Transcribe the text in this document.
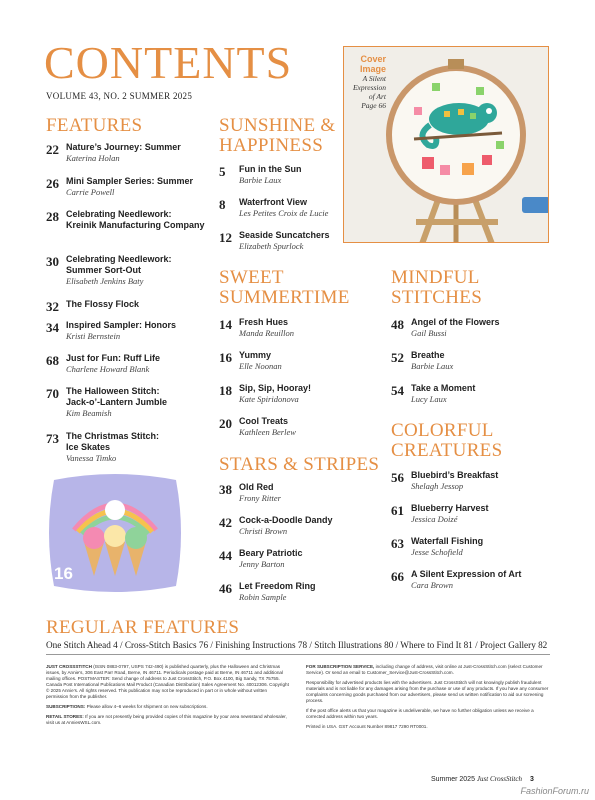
CONTENTS
VOLUME 43, NO. 2 SUMMER 2025
Cover
Image
A Silent
Expression
of Art
Page 66
FEATURES
22 Nature’s Journey: Summer
Katerina Holan
26 Mini Sampler Series: Summer
Carrie Powell
28 Celebrating Needlework:
Kreinik Manufacturing Company
30 Celebrating Needlework:
Summer Sort-Out
Elisabeth Jenkins Baty
32 The Flossy Flock
34 Inspired Sampler: Honors
Kristi Bernstein
68 Just for Fun: Ruff Life
Charlene Howard Blank
70 The Halloween Stitch:
Jack-o’-Lantern Jumble
Kim Beamish
73 The Christmas Stitch:
Ice Skates
Vanessa Timko
16
SUNSHINE &
HAPPINESS
5	Fun in the Sun
Barbie Laux
8	Waterfront View
Les Petites Croix de Lucie
12 Seaside Suncatchers
Elizabeth Spurlock
SWEET
SUMMERTIME
14 Fresh Hues
Manda Reuillon
16 Yummy
Elle Noonan
18 Sip, Sip, Hooray!
Kate Spiridonova
20 Cool Treats
Kathleen Berlew
STARS & STRIPES
38 Old Red
Frony Ritter
42 Cock-a-Doodle Dandy
Christi Brown
44 Beary Patriotic
Jenny Barton
46 Let Freedom Ring
Robin Sample
MINDFUL
STITCHES
48 Angel of the Flowers
Gail Bussi
52 Breathe
Barbie Laux
54 Take a Moment
Lucy Laux
COLORFUL
CREATURES
56 Bluebird’s Breakfast
Shelagh Jessop
61 Blueberry Harvest
Jessica Doizé
63 Waterfall Fishing
Jesse Schofield
66 A Silent Expression of Art
Cara Brown
REGULAR FEATURES
One Stitch Ahead 4 / Cross-Stitch Basics 76 / Finishing Instructions 78 / Stitch Illustrations 80 / Where to Find It 81 / Project Gallery 82

JUST CROSSSTITCH (ISSN 0883-0797, USPS 742-490) is published quarterly, plus the Halloween and Christmas issues, by Annie’s, 306 East Parr Road, Berne, IN 46711. Periodicals postage paid at Berne, IN 46711 and additional mailing offices. POSTMASTER: Send change of address to Just CrossStitch, P.O. Box 4100, Big Sandy, TX 75755. Canada Post International Publications Mail Product (Canadian Distribution) Sales Agreement No. 40012306. Copyright © 2025 Annie’s. All rights reserved. This publication may not be reproduced in part or in whole without written permission from the publisher.

SUBSCRIPTIONS: Please allow 4–6 weeks for shipment on new subscriptions.

RETAIL STORES: If you are not presently being provided copies of this magazine by your area newsstand wholesaler, visit us at AnniesWSL.com.

FOR SUBSCRIPTION SERVICE, including change of address, visit online at Just-CrossStitch.com (select Customer Service). Or send an email to Customer_Service@Just-CrossStitch.com.

Responsibility for advertised products lies with the advertisers. Just CrossStitch will not knowingly publish fraudulent materials and is not liable for any damages arising from the purchase or use of any products. If you have any consumer complaints concerning goods purchased from our advertisers, please send us written notification to aid our screening process.

If the post office alerts us that your magazine is undeliverable, we have no further obligation unless we receive a corrected address within two years.

Printed in USA. GST Account Number 89817 7290 RT0001.

Summer 2025 Just CrossStitch 3
FashionForum.ru
